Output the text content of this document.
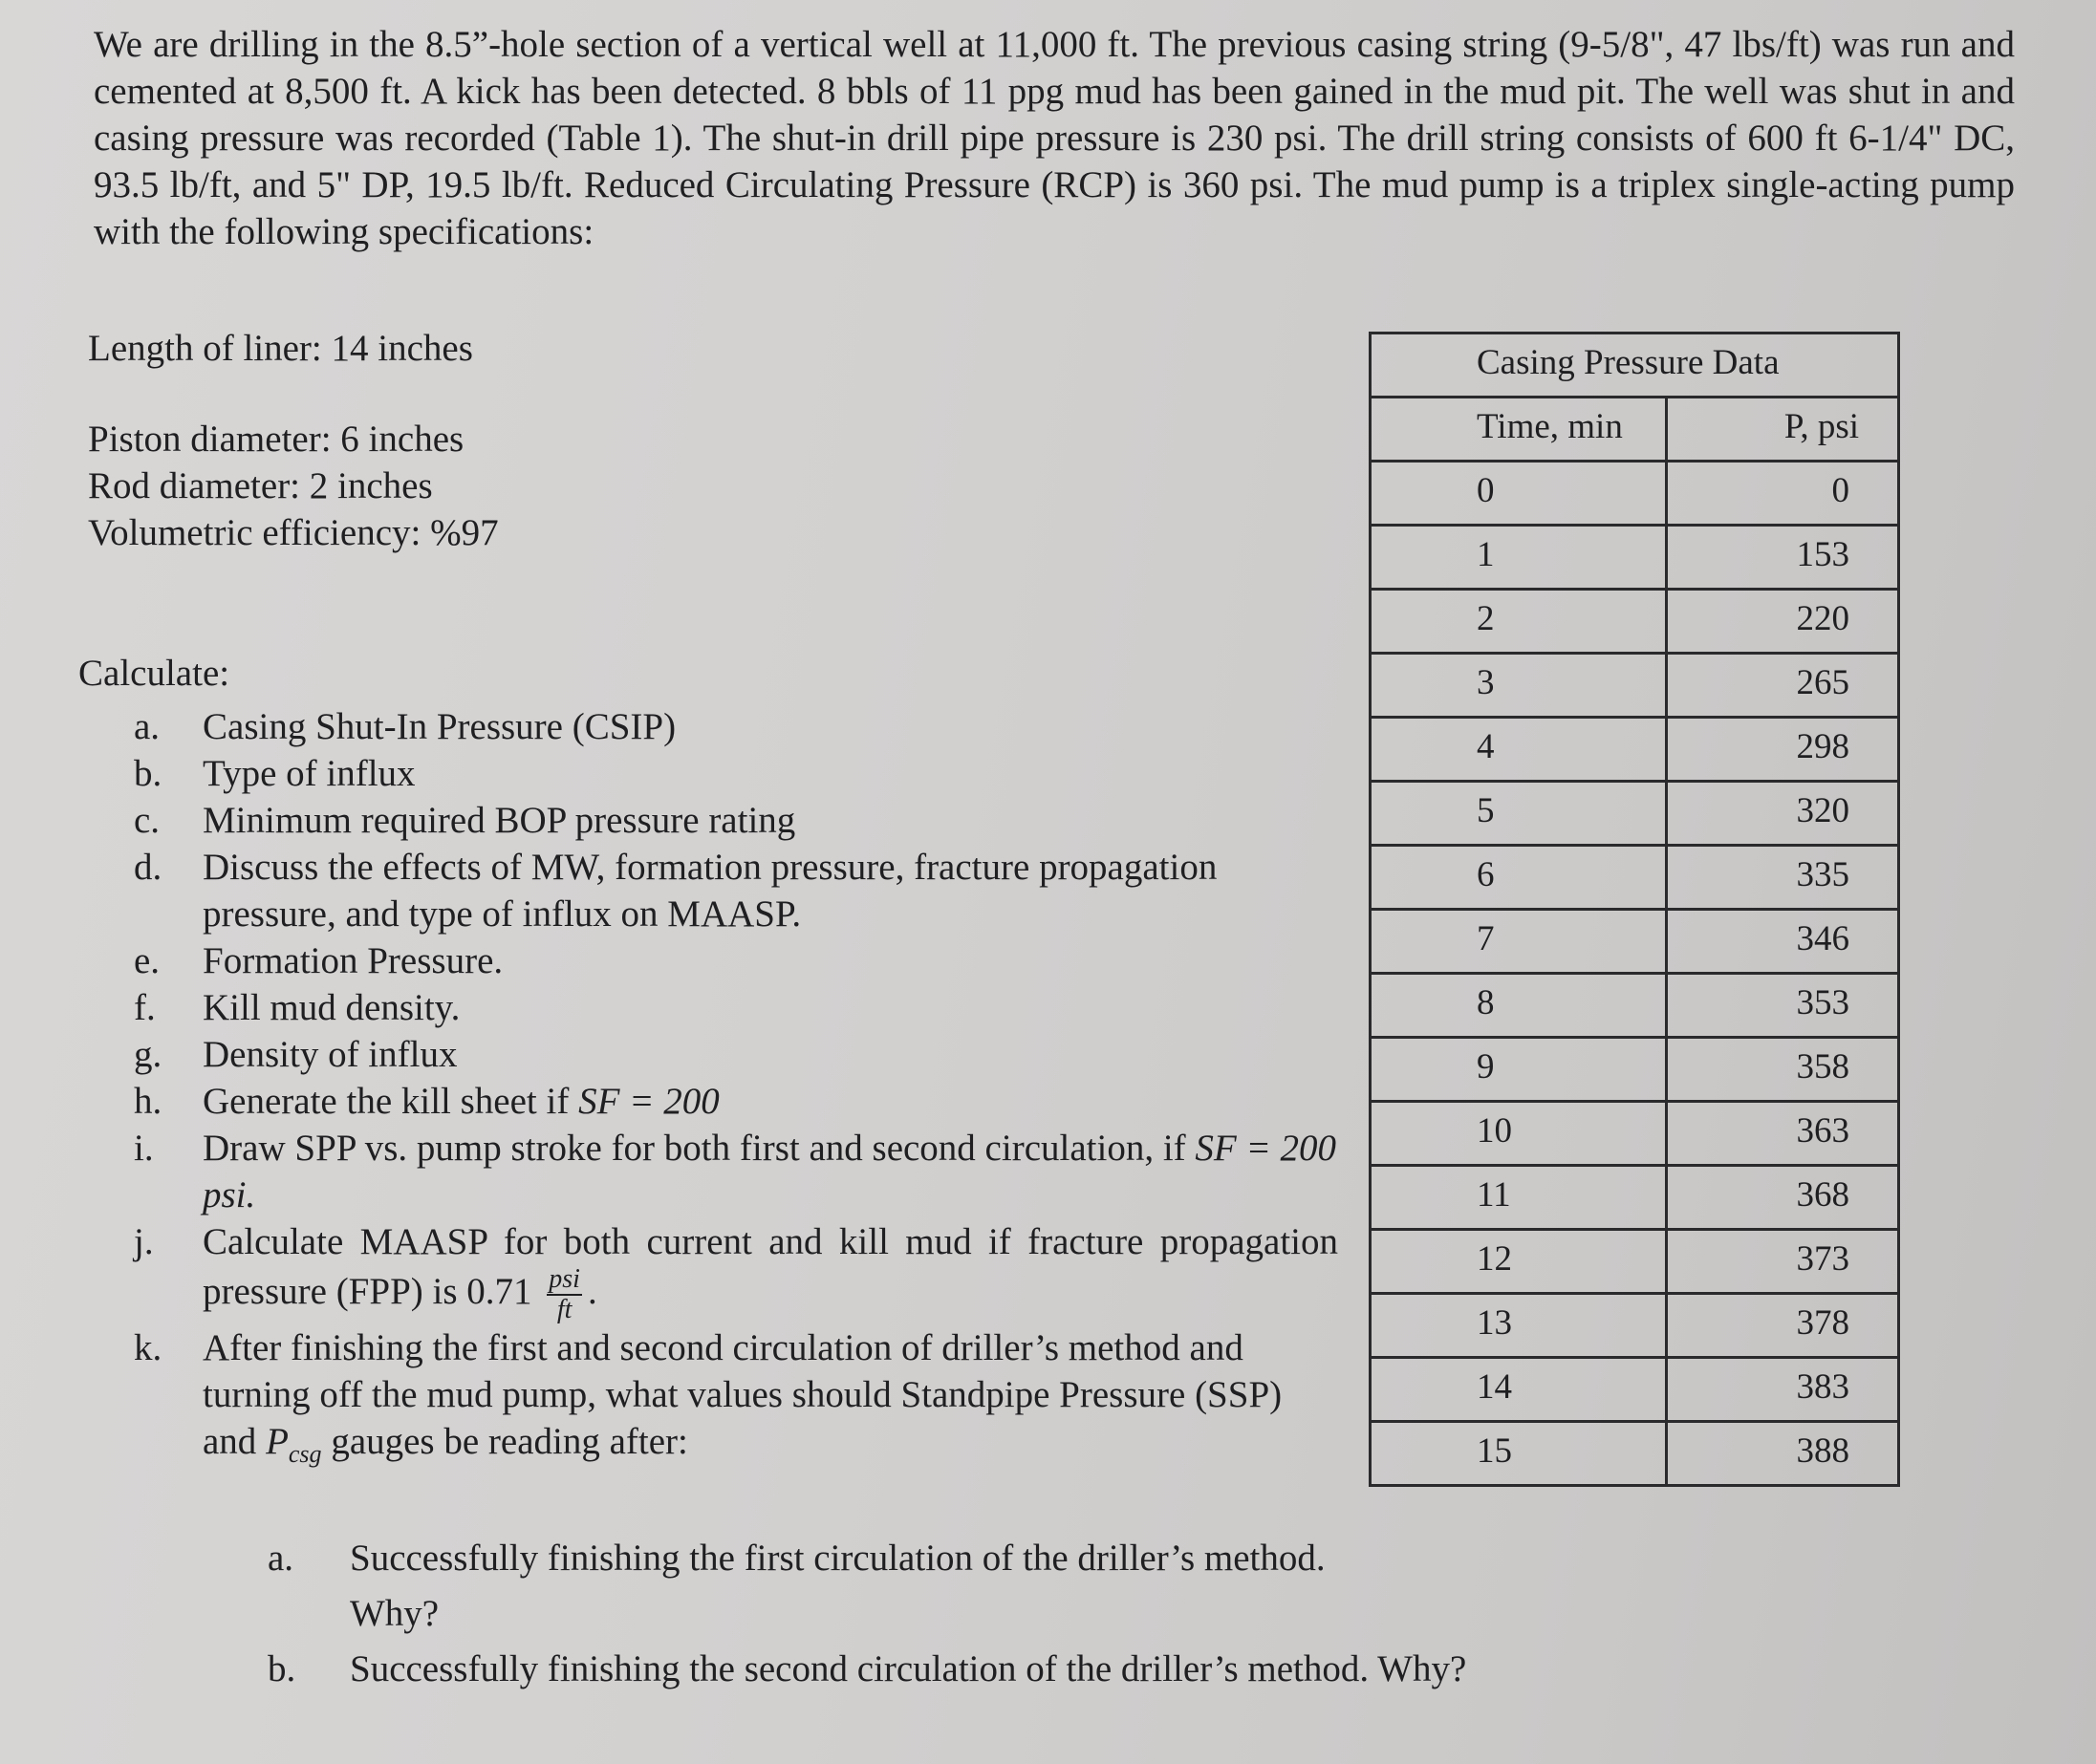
We are drilling in the 8.5”-hole section of a vertical well at 11,000 ft. The previous casing string (9-5/8", 47 lbs/ft) was run and cemented at 8,500 ft. A kick has been detected. 8 bbls of 11 ppg mud has been gained in the mud pit. The well was shut in and casing pressure was recorded (Table 1). The shut-in drill pipe pressure is 230 psi. The drill string consists of 600 ft 6-1/4" DC, 93.5 lb/ft, and 5" DP, 19.5 lb/ft. Reduced Circulating Pressure (RCP) is 360 psi. The mud pump is a triplex single-acting pump with the following specifications:

Length of liner: 14 inches

Piston diameter: 6 inches

Rod diameter: 2 inches

Volumetric efficiency: %97

Calculate:

a.	Casing Shut-In Pressure (CSIP)

b.	Type of influx

c.	Minimum required BOP pressure rating

d.	Discuss the effects of MW, formation pressure, fracture propagation pressure, and type of influx on MAASP.

e.	Formation Pressure.

f.	Kill mud density.

g.	Density of influx

h.	Generate the kill sheet if SF = 200

i.	Draw SPP vs. pump stroke for both first and second circulation, if SF = 200 psi.

j.	Calculate MAASP for both current and kill mud if fracture propagation pressure (FPP) is $0.71 \frac{\text{psi}}{ft}$ .

k.	After finishing the first and second circulation of driller’s method and turning off the mud pump, what values should Standpipe Pressure (SSP) and $P_{csg}$ gauges be reading after:

a.	Successfully finishing the first circulation of the driller’s method. Why?

b.	Successfully finishing the second circulation of the driller’s method. Why?

Casing Pressure Data	
Time, min	P, psi
0	0
1	153
2	220
3	265
4	298
5	320
6	335
7	346
8	353
9	358
10	363
11	368
12	373
13	378
14	383
15	388
